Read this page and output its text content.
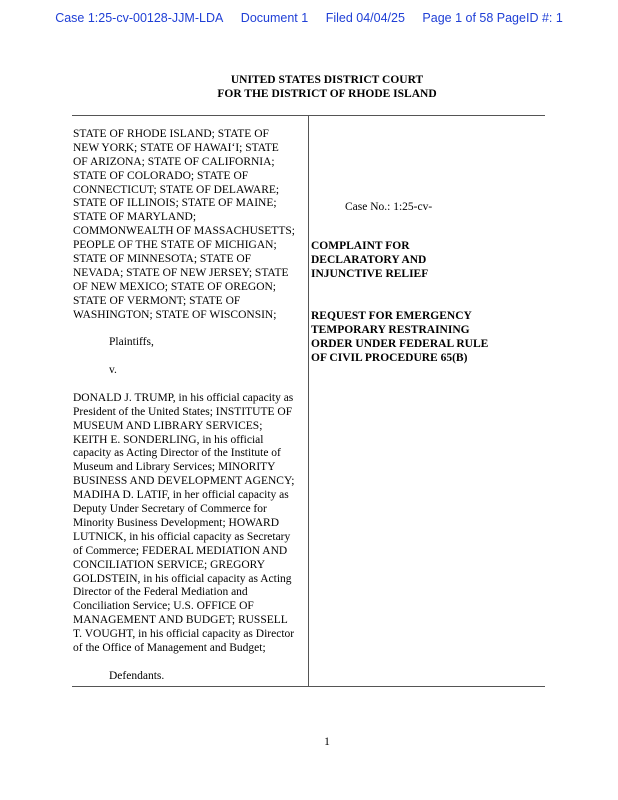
Case 1:25-cv-00128-JJM-LDA Document 1 Filed 04/04/25 Page 1 of 58 PageID #: 1
UNITED STATES DISTRICT COURT
FOR THE DISTRICT OF RHODE ISLAND
STATE OF RHODE ISLAND; STATE OF
NEW YORK; STATE OF HAWAI‘I; STATE
OF ARIZONA; STATE OF CALIFORNIA;
STATE OF COLORADO; STATE OF
CONNECTICUT; STATE OF DELAWARE;
STATE OF ILLINOIS; STATE OF MAINE;
STATE OF MARYLAND;
COMMONWEALTH OF MASSACHUSETTS;
PEOPLE OF THE STATE OF MICHIGAN;
STATE OF MINNESOTA; STATE OF
NEVADA; STATE OF NEW JERSEY; STATE
OF NEW MEXICO; STATE OF OREGON;
STATE OF VERMONT; STATE OF
WASHINGTON; STATE OF WISCONSIN;
Plaintiffs,
v.
DONALD J. TRUMP, in his official capacity as
President of the United States; INSTITUTE OF
MUSEUM AND LIBRARY SERVICES;
KEITH E. SONDERLING, in his official
capacity as Acting Director of the Institute of
Museum and Library Services; MINORITY
BUSINESS AND DEVELOPMENT AGENCY;
MADIHA D. LATIF, in her official capacity as
Deputy Under Secretary of Commerce for
Minority Business Development; HOWARD
LUTNICK, in his official capacity as Secretary
of Commerce; FEDERAL MEDIATION AND
CONCILIATION SERVICE; GREGORY
GOLDSTEIN, in his official capacity as Acting
Director of the Federal Mediation and
Conciliation Service; U.S. OFFICE OF
MANAGEMENT AND BUDGET; RUSSELL
T. VOUGHT, in his official capacity as Director
of the Office of Management and Budget;
Defendants.
Case No.: 1:25-cv-
COMPLAINT FOR
DECLARATORY AND
INJUNCTIVE RELIEF
REQUEST FOR EMERGENCY
TEMPORARY RESTRAINING
ORDER UNDER FEDERAL RULE
OF CIVIL PROCEDURE 65(B)
1
